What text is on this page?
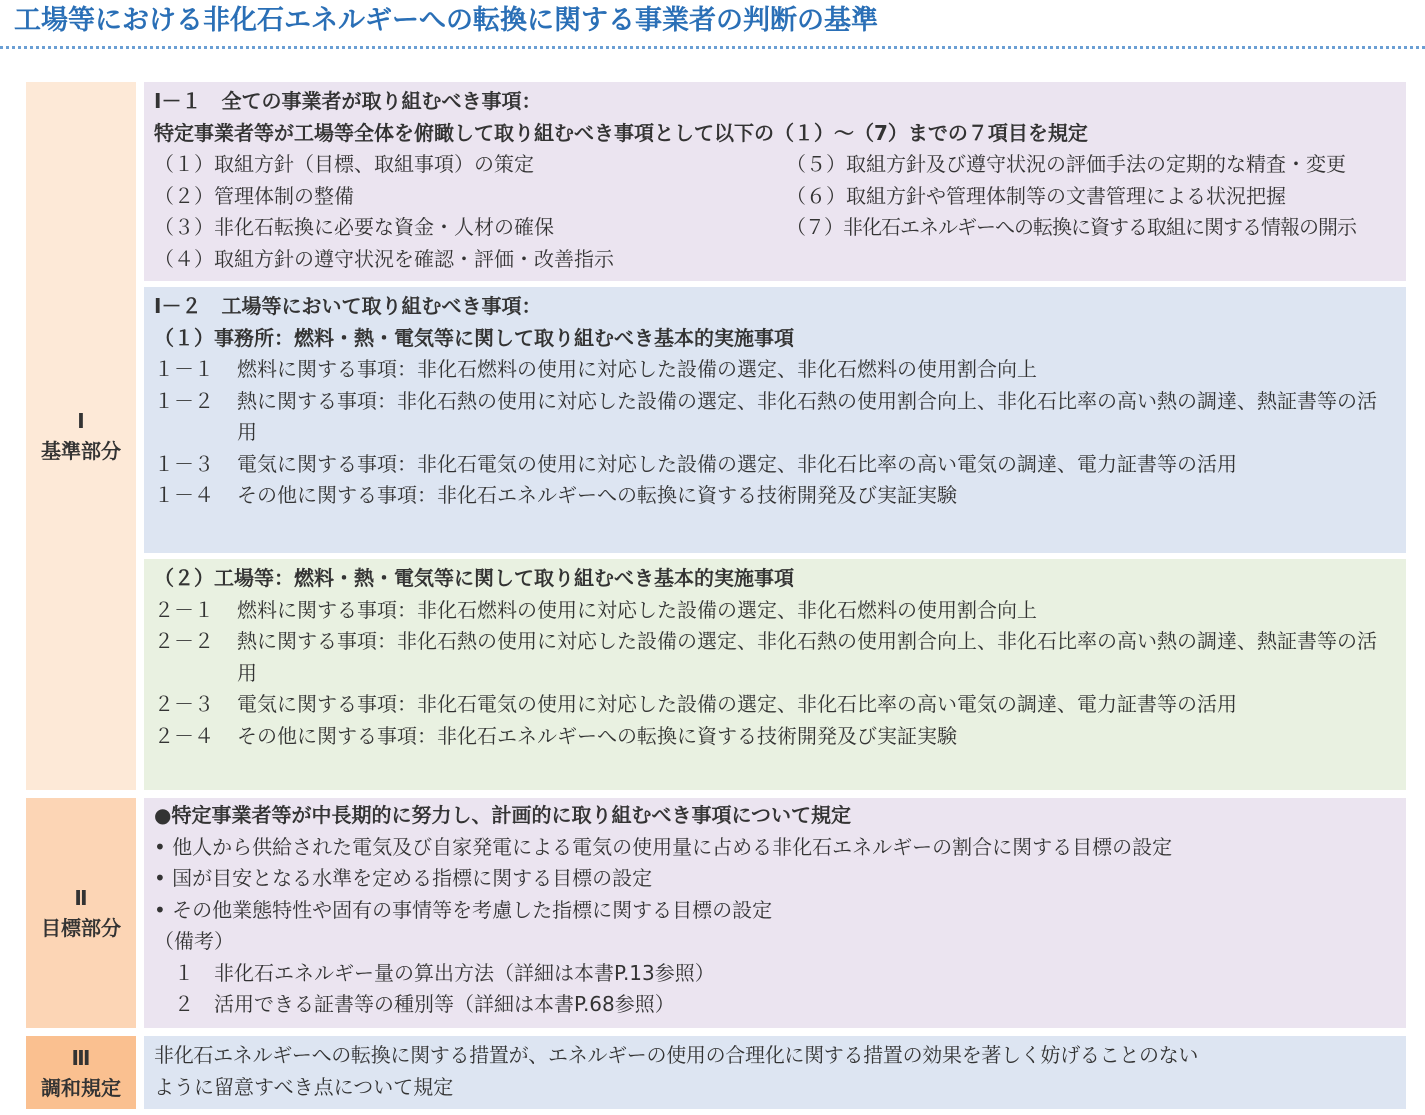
工場等における非化石エネルギーへの転換に関する事業者の判断の基準
Ⅰ
基準部分
Ⅰ－１　全ての事業者が取り組むべき事項：
特定事業者等が工場等全体を俯瞰して取り組むべき事項として以下の（１）～（7）までの７項目を規定
（１）取組方針（目標、取組事項）の策定
（２）管理体制の整備
（３）非化石転換に必要な資金・人材の確保
（４）取組方針の遵守状況を確認・評価・改善指示
（５）取組方針及び遵守状況の評価手法の定期的な精査・変更
（６）取組方針や管理体制等の文書管理による状況把握
（７）非化石エネルギーへの転換に資する取組に関する情報の開示
Ⅰ－２　工場等において取り組むべき事項：
（１）事務所：燃料・熱・電気等に関して取り組むべき基本的実施事項
１－１	燃料に関する事項：非化石燃料の使用に対応した設備の選定、非化石燃料の使用割合向上
１－２	熱に関する事項：非化石熱の使用に対応した設備の選定、非化石熱の使用割合向上、非化石比率の高い熱の調達、熱証書等の活用
１－３	電気に関する事項：非化石電気の使用に対応した設備の選定、非化石比率の高い電気の調達、電力証書等の活用
１－４	その他に関する事項：非化石エネルギーへの転換に資する技術開発及び実証実験
（２）工場等：燃料・熱・電気等に関して取り組むべき基本的実施事項
２－１	燃料に関する事項：非化石燃料の使用に対応した設備の選定、非化石燃料の使用割合向上
２－２	熱に関する事項：非化石熱の使用に対応した設備の選定、非化石熱の使用割合向上、非化石比率の高い熱の調達、熱証書等の活用
２－３	電気に関する事項：非化石電気の使用に対応した設備の選定、非化石比率の高い電気の調達、電力証書等の活用
２－４	その他に関する事項：非化石エネルギーへの転換に資する技術開発及び実証実験
Ⅱ
目標部分
●特定事業者等が中長期的に努力し、計画的に取り組むべき事項について規定
• 他人から供給された電気及び自家発電による電気の使用量に占める非化石エネルギーの割合に関する目標の設定
• 国が目安となる水準を定める指標に関する目標の設定
• その他業態特性や固有の事情等を考慮した指標に関する目標の設定
（備考）
１　非化石エネルギー量の算出方法（詳細は本書P.13参照）
２　活用できる証書等の種別等（詳細は本書P.68参照）
Ⅲ
調和規定
非化石エネルギーへの転換に関する措置が、エネルギーの使用の合理化に関する措置の効果を著しく妨げることのない
ように留意すべき点について規定
